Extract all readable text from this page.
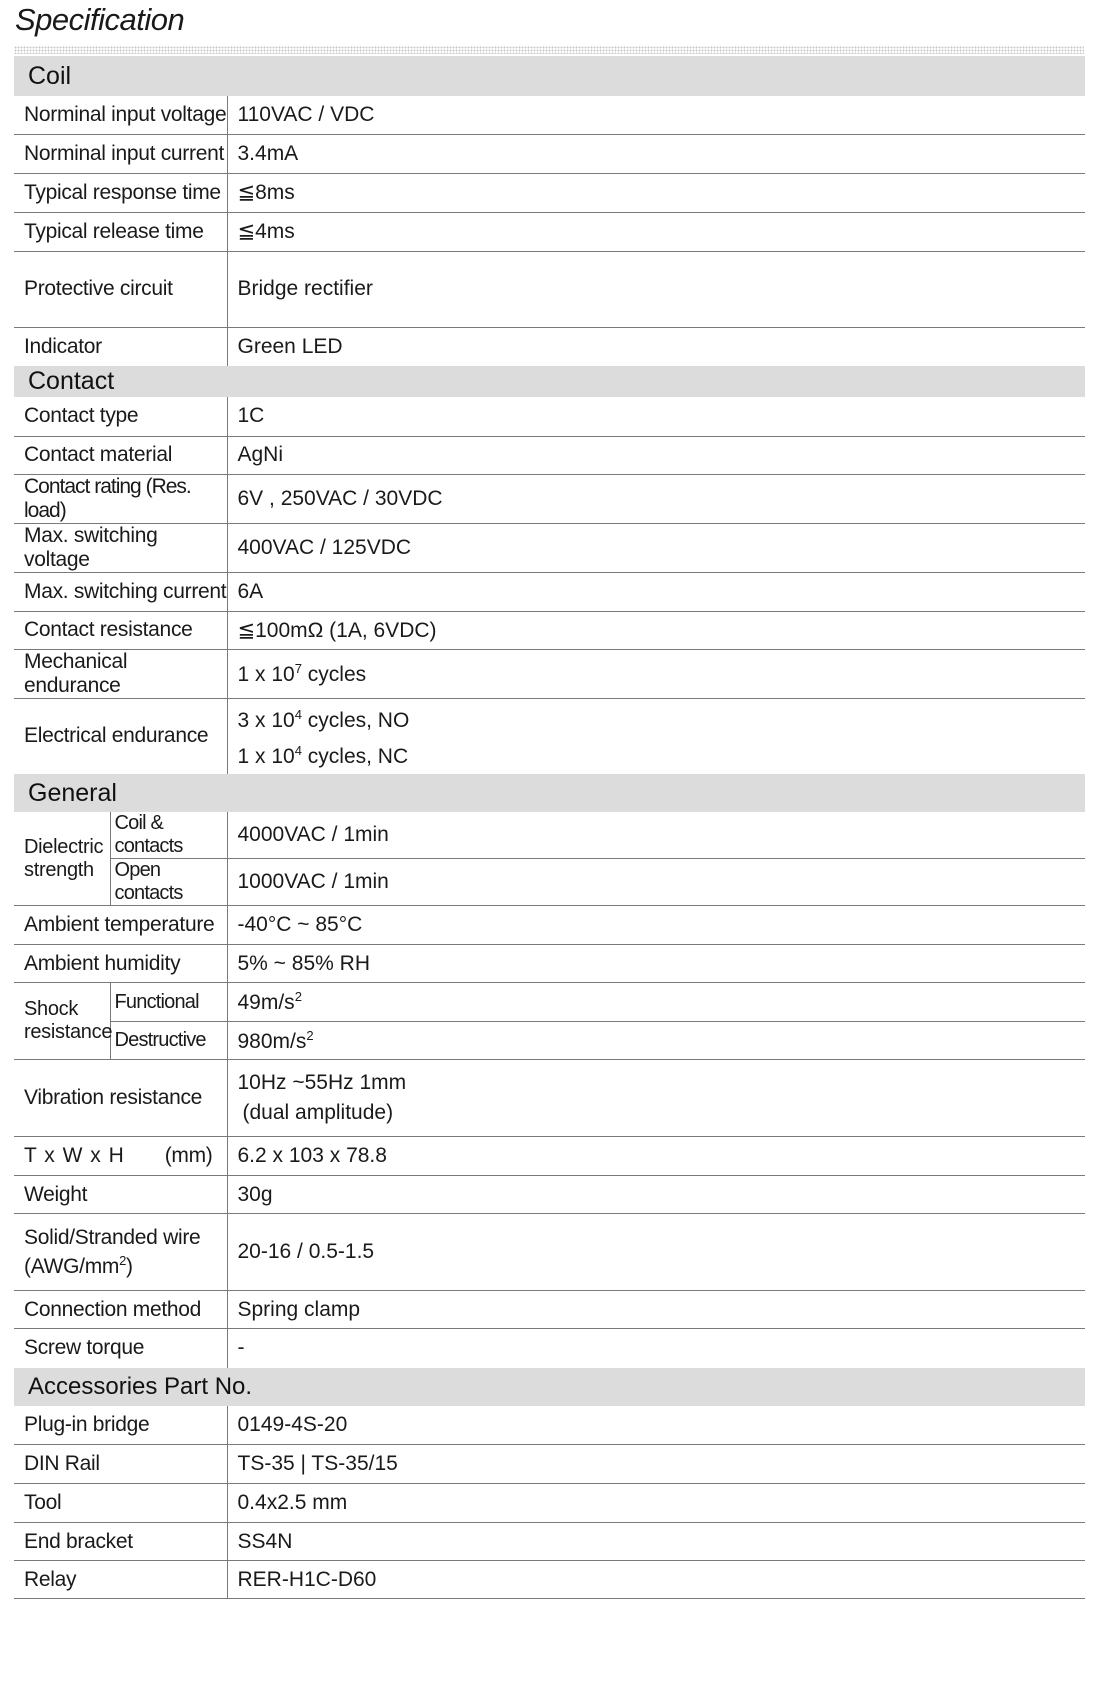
Specification
Coil		
Norminal input voltage		110VAC / VDC
Norminal input current		3.4mA
Typical response time		≦8ms
Typical release time		≦4ms
Protective circuit		Bridge rectifier
Indicator		Green LED
Contact		
Contact type		1C
Contact material		AgNi
Contact rating (Res. load)		6V , 250VAC / 30VDC
Max. switching voltage		400VAC / 125VDC
Max. switching current		6A
Contact resistance		≦100mΩ (1A, 6VDC)
Mechanical endurance		1 x $10^7$ cycles
Electrical endurance		3 x $10^4$ cycles, NO
1 x $10^4$ cycles, NC

General		

Dielectric
strength	Coil & contacts	4000VAC / 1min
	Open contacts	1000VAC / 1min
Ambient temperature		-40°C ~ 85°C
Ambient humidity		5% ~ 85% RH

Shock
resistance	Functional	$49m/s^2$
	Destructive	$980m/s^2$
Vibration resistance		10Hz ~55Hz 1mm
(dual amplitude)

T x W x H (mm)		6.2 x 103 x 78.8
Weight		30g

Solid/Stranded wire
$(AWG/mm^2)$		20-16 / 0.5-1.5
Connection method		Spring clamp
Screw torque		-
Accessories Part No.		
Plug-in bridge		0149-4S-20
DIN Rail		TS-35 | TS-35/15
Tool		0.4x2.5 mm
End bracket		SS4N
Relay		RER-H1C-D60
